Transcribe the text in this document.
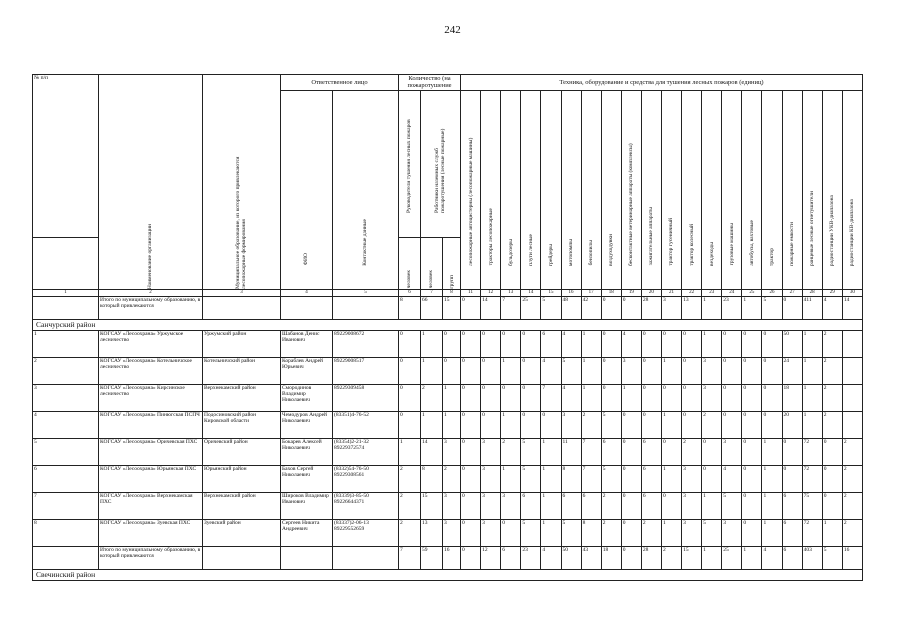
242
№ п/п	Наименование организации	Муниципальное образование, из которого привлекаются лесопожарные формирования	Ответственное лицо		Количество (на пожаротушение			Техника, оборудование и средства для тушения лесных пожаров (единиц)																			

			ФИО	Контактные данные	Руководители тушения лесных пожаров	Работники наземных служб пожаротушения (лесные пожарные)		лесопожарные автоцистерны (лесопожарные машины)	тракторы лесопожарные	бульдозеры	плуги лесные	грейдеры	мотопомпы	бензопилы	воздуходувки	бесконтактные ветеринарные аппараты (комплексы)	зажигательные аппараты	трактор гусеничный	трактор колесный	вездеходы	грузовые машины	автобусы, вахтовые	трактор	пожарные емкости	ранцевые лесные огнетушители	радиостанции УКВ-диапазона	радиостанции КВ-диапазона

					человек	человек	групп																				

1	2	3	4	5	6	7	8	11	12	13	14	15	16	17	18	19	20	21	22	23	24	25	26	27	28	29	30
	Итого по муниципальному образованию, в который привлекаются				8	66	15	0	14	7	25	5	48	42	0	0	28	3	13	1	23	1	5	0	411	4	14
Санчурский район																											
1	КОГСАУ «Лесоохрана» Уржумское лесничество	Уржумский район	Шабанов Денис Иванович	89229008672	0	1	0	0	0	0	0	6	4	1	0	4	0	0	0	1	0	0	0	50	1	2	
2	КОГСАУ «Лесоохрана» Котельничское лесничество	Котельничский район	Кораблев Андрей Юрьевич	89229008517	0	1	0	0	0	1	0	4	5	1	0	3	0	1	0	3	0	0	0	24	1	2	
3	КОГСАУ «Лесоохрана» Кирсинское лесничество	Верхнекамский район	Смородинов Владимир Николаевич	89229309458	0	2	1	0	0	0	0	7	4	1	0	1	0	0	0	3	0	0	0	18	1	2	
4	КОГСАУ «Лесоохрана» Пинюгская ПСПЧ	Подосиновский район Кировской области	Чемодуров Андрей Николаевич	(83351)4-76-52	0	1	1	0	0	1	0	0	3	2	5	0	0	1	0	2	0	0	0	20	1	2	
5	КОГСАУ «Лесоохрана» Оричевская ПХС	Оричевский район	Бокарев Алексей Николаевич	(83354)2-21-32 89229372574	1	14	3	0	3	2	5	1	11	7	6	0	6	0	2	0	3	0	1	0	72	0	2
6	КОГСАУ «Лесоохрана» Юрьянская ПХС	Юрьянский район	Бахов Сергей Николаевич	(8332)54-76-50 89229308561	2	8	2	0	3	1	5	1	8	7	5	0	6	1	3	0	4	0	1	0	72	0	2
7	КОГСАУ «Лесоохрана» Верхнекамская ПХС	Верхнекамский район	Широков Владимир Иванович	(83339)3-85-50 89226644371	2	15	3	0	3	3	6	1	6	6	2	0	6	0	3	1	5	0	1	6	75	0	2
8	КОГСАУ «Лесоохрана» Зуевская ПХС	Зуевский район	Сергеев Никита Андреевич	(83337)2-06-13 89229552659	2	13	3	0	3	0	5	1	5	8	2	0	2	1	3	5	3	0	1	6	72	1	2
	Итого по муниципальному образованию, в который привлекаются				7	59	16	0	12	6	23	4	50	43	18	0	28	2	15	1	25	1	4	6	403	5	16
Свечинский район																											
